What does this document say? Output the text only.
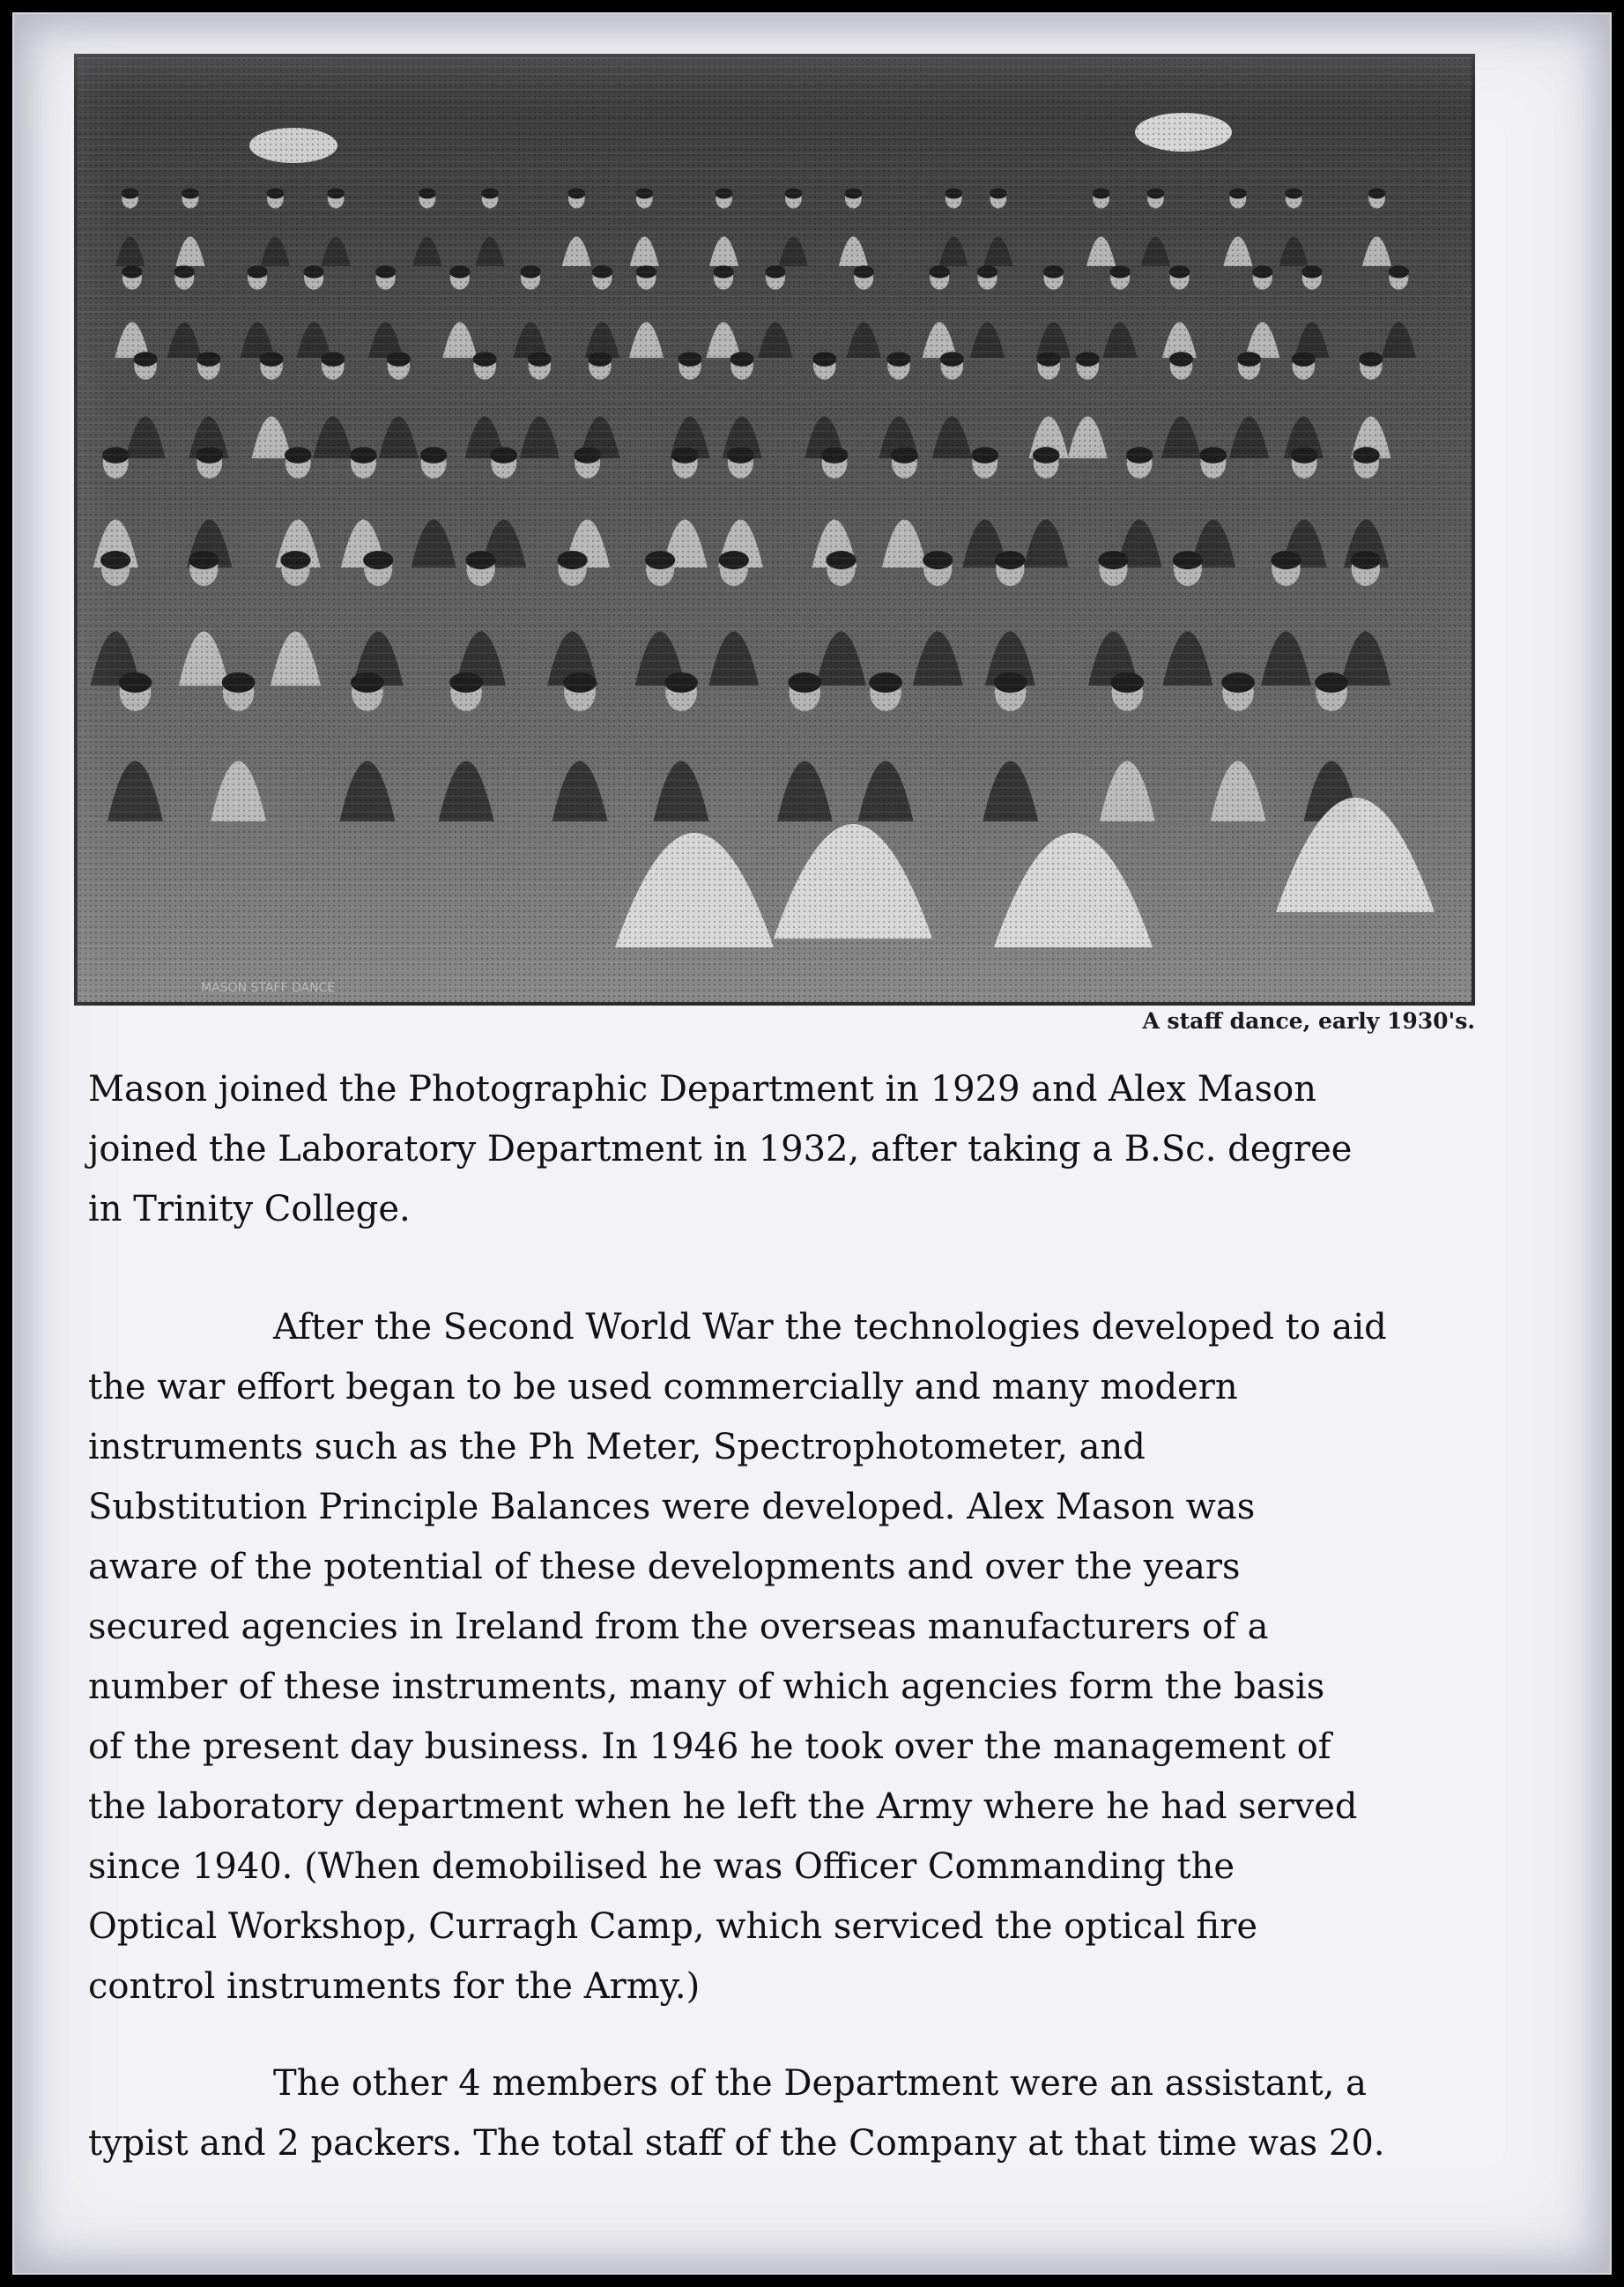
MASON STAFF DANCE
A staff dance, early 1930's.

Mason joined the Photographic Department in 1929 and Alex Mason
joined the Laboratory Department in 1932, after taking a B.Sc. degree
in Trinity College.

After the Second World War the technologies developed to aid
the war effort began to be used commercially and many modern
instruments such as the Ph Meter, Spectrophotometer, and
Substitution Principle Balances were developed. Alex Mason was
aware of the potential of these developments and over the years
secured agencies in Ireland from the overseas manufacturers of a
number of these instruments, many of which agencies form the basis
of the present day business. In 1946 he took over the management of
the laboratory department when he left the Army where he had served
since 1940. (When demobilised he was Officer Commanding the
Optical Workshop, Curragh Camp, which serviced the optical fire
control instruments for the Army.)

The other 4 members of the Department were an assistant, a
typist and 2 packers. The total staff of the Company at that time was 20.
